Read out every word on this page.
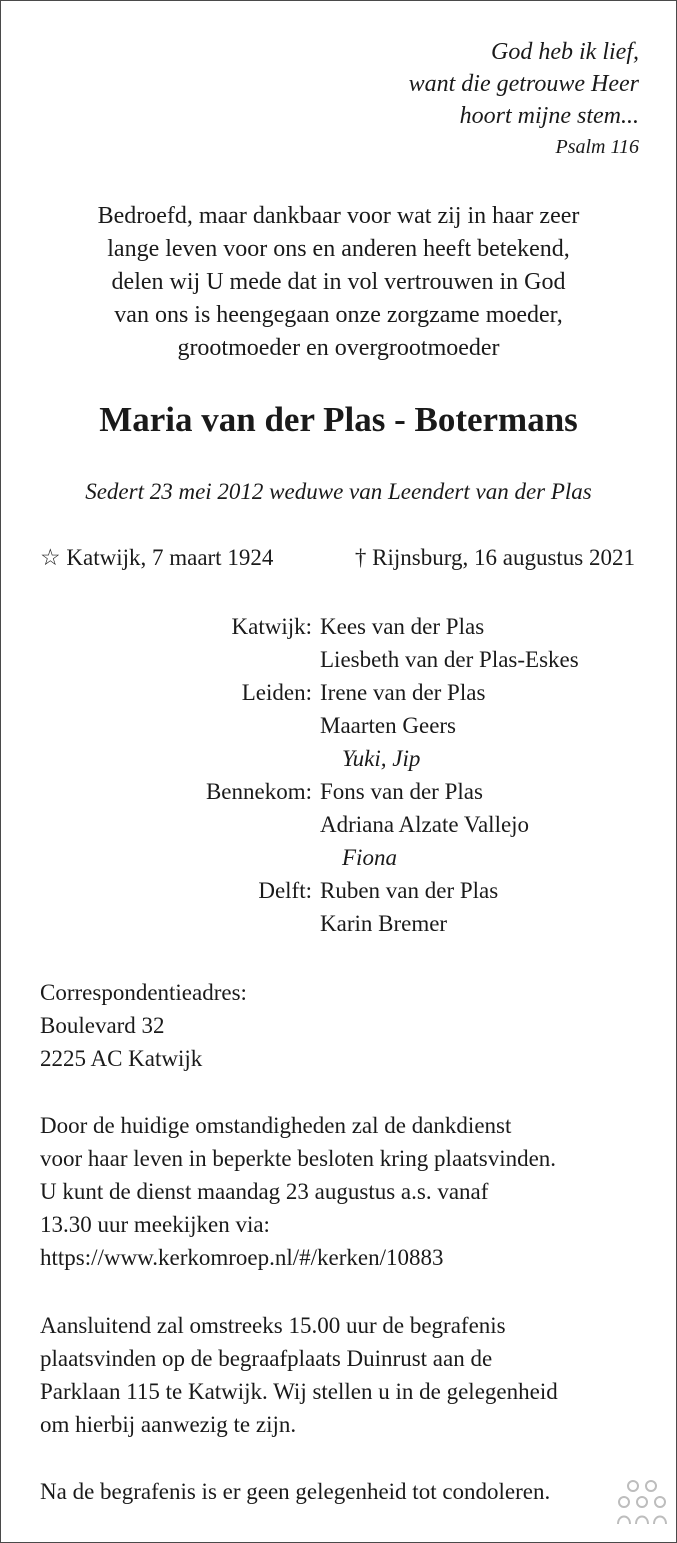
God heb ik lief,
want die getrouwe Heer
hoort mijne stem...
Psalm 116
Bedroefd, maar dankbaar voor wat zij in haar zeer
lange leven voor ons en anderen heeft betekend,
delen wij U mede dat in vol vertrouwen in God
van ons is heengegaan onze zorgzame moeder,
grootmoeder en overgrootmoeder
Maria van der Plas - Botermans
Sedert 23 mei 2012 weduwe van Leendert van der Plas
☆ Katwijk, 7 maart 1924	† Rijnsburg, 16 augustus 2021
Katwijk: Kees van der Plas
Liesbeth van der Plas-Eskes
Leiden: Irene van der Plas
Maarten Geers
Yuki, Jip
Bennekom: Fons van der Plas
Adriana Alzate Vallejo
Fiona
Delft: Ruben van der Plas
Karin Bremer
Correspondentieadres:
Boulevard 32
2225 AC Katwijk
Door de huidige omstandigheden zal de dankdienst
voor haar leven in beperkte besloten kring plaatsvinden.
U kunt de dienst maandag 23 augustus a.s. vanaf
13.30 uur meekijken via:
https://www.kerkomroep.nl/#/kerken/10883
Aansluitend zal omstreeks 15.00 uur de begrafenis
plaatsvinden op de begraafplaats Duinrust aan de
Parklaan 115 te Katwijk. Wij stellen u in de gelegenheid
om hierbij aanwezig te zijn.
Na de begrafenis is er geen gelegenheid tot condoleren.
